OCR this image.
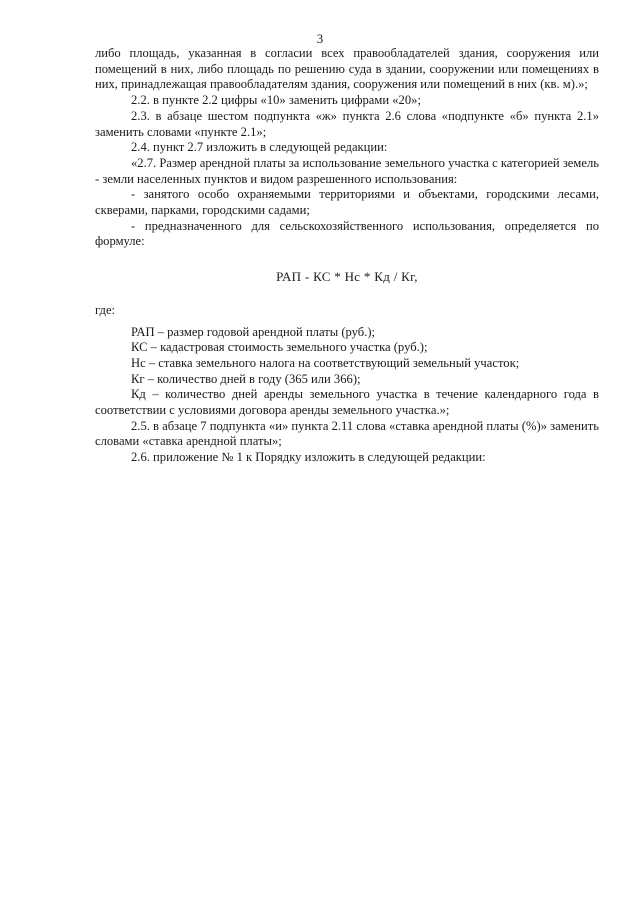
3

либо площадь, указанная в согласии всех правообладателей здания, сооружения или помещений в них, либо площадь по решению суда в здании, сооружении или помещениях в них, принадлежащая правообладателям здания, сооружения или помещений в них (кв. м).»;

2.2. в пункте 2.2 цифры «10» заменить цифрами «20»;

2.3. в абзаце шестом подпункта «ж» пункта 2.6 слова «подпункте «б» пункта 2.1» заменить словами «пункте 2.1»;

2.4. пункт 2.7 изложить в следующей редакции:

«2.7. Размер арендной платы за использование земельного участка с категорией земель - земли населенных пунктов и видом разрешенного использования:

- занятого особо охраняемыми территориями и объектами, городскими лесами, скверами, парками, городскими садами;

- предназначенного для сельскохозяйственного использования, определяется по формуле:

РАП - КС * Нс * Кд / Кг,

где:

РАП – размер годовой арендной платы (руб.);

КС – кадастровая стоимость земельного участка (руб.);

Нс – ставка земельного налога на соответствующий земельный участок;

Кг – количество дней в году (365 или 366);

Кд – количество дней аренды земельного участка в течение календарного года в соответствии с условиями договора аренды земельного участка.»;

2.5. в абзаце 7 подпункта «и» пункта 2.11 слова «ставка арендной платы (%)» заменить словами «ставка арендной платы»;

2.6. приложение № 1 к Порядку изложить в следующей редакции:
